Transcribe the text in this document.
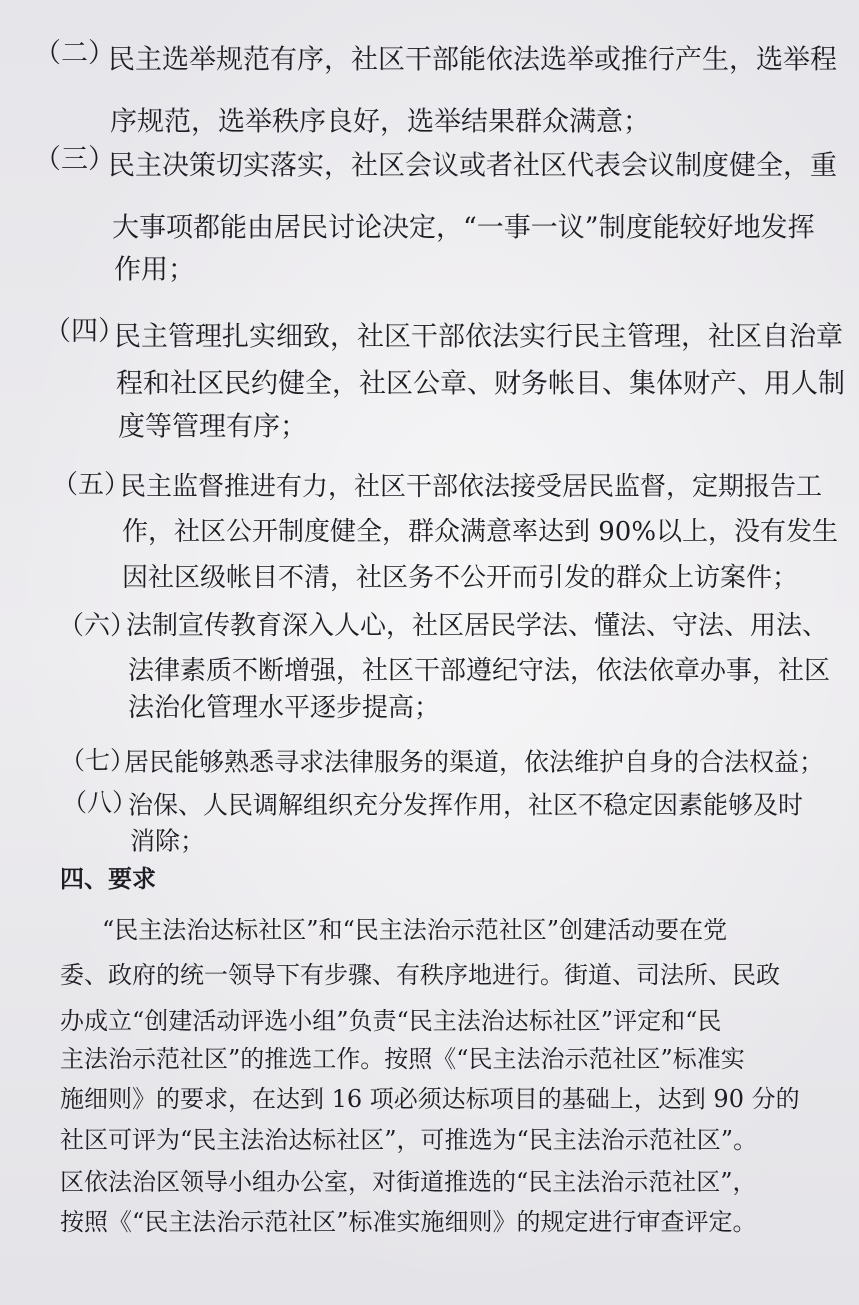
（二）
民主选举规范有序，社区干部能依法选举或推行产生，选举程
序规范，选举秩序良好，选举结果群众满意；
（三）
民主决策切实落实，社区会议或者社区代表会议制度健全，重
大事项都能由居民讨论决定，“一事一议”制度能较好地发挥
作用；
（四）
民主管理扎实细致，社区干部依法实行民主管理，社区自治章
程和社区民约健全，社区公章、财务帐目、集体财产、用人制
度等管理有序；
（五）
民主监督推进有力，社区干部依法接受居民监督，定期报告工
作，社区公开制度健全，群众满意率达到 90%以上，没有发生
因社区级帐目不清，社区务不公开而引发的群众上访案件；
（六）
法制宣传教育深入人心，社区居民学法、懂法、守法、用法、
法律素质不断增强，社区干部遵纪守法，依法依章办事，社区
法治化管理水平逐步提高；
（七）
居民能够熟悉寻求法律服务的渠道，依法维护自身的合法权益；
（八）
治保、人民调解组织充分发挥作用，社区不稳定因素能够及时
消除；
四、要求
“民主法治达标社区”和“民主法治示范社区”创建活动要在党
委、政府的统一领导下有步骤、有秩序地进行。街道、司法所、民政
办成立“创建活动评选小组”负责“民主法治达标社区”评定和“民
主法治示范社区”的推选工作。按照《“民主法治示范社区”标准实
施细则》的要求，在达到 16 项必须达标项目的基础上，达到 90 分的
社区可评为“民主法治达标社区”，可推选为“民主法治示范社区”。
区依法治区领导小组办公室，对街道推选的“民主法治示范社区”，
按照《“民主法治示范社区”标准实施细则》的规定进行审查评定。
